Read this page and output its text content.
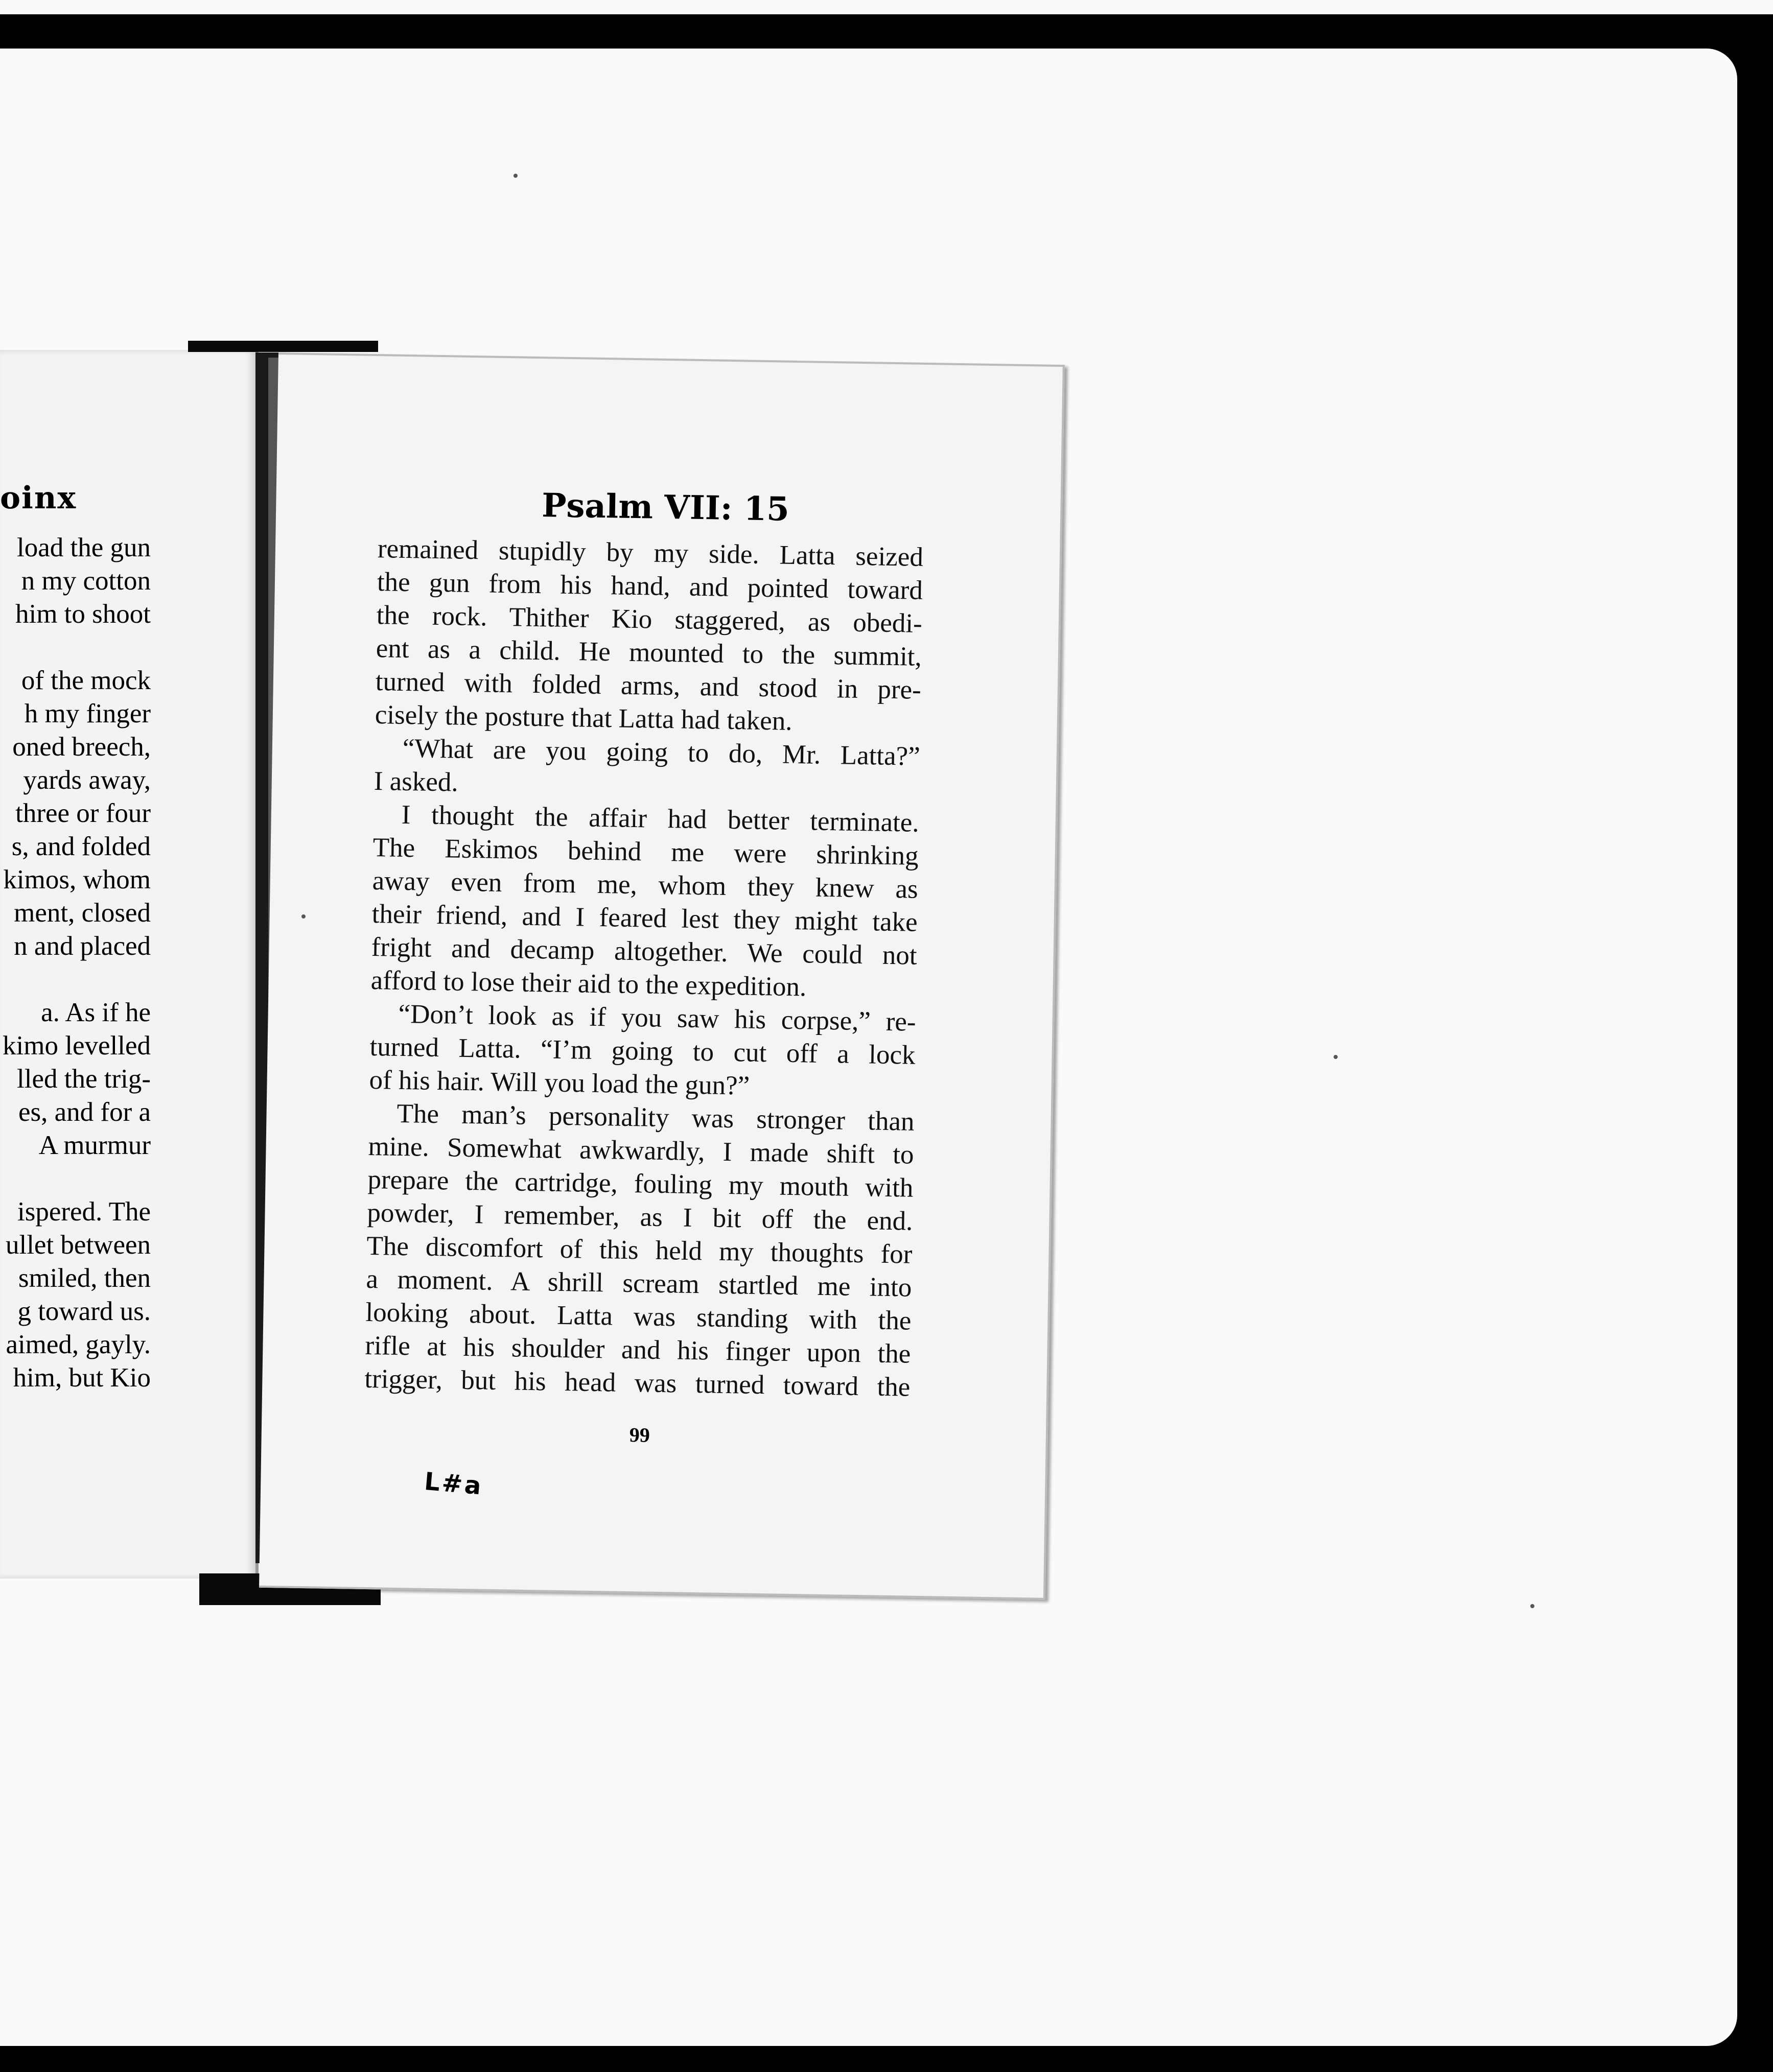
oinx
load the gun
n my cotton
him to shoot
of the mock
h my finger
oned breech,
yards away,
three or four
s, and folded
kimos, whom
ment, closed
n and placed
a. As if he
kimo levelled
lled the trig-
es, and for a
A murmur
ispered. The
ullet between
smiled, then
g toward us.
aimed, gayly.
him, but Kio
Psalm VII: 15
remained stupidly by my side. Latta seized
the gun from his hand, and pointed toward
the rock. Thither Kio staggered, as obedi-
ent as a child. He mounted to the summit,
turned with folded arms, and stood in pre-
cisely the posture that Latta had taken.
“What are you going to do, Mr. Latta?”
I asked.
I thought the affair had better terminate.
The Eskimos behind me were shrinking
away even from me, whom they knew as
their friend, and I feared lest they might take
fright and decamp altogether. We could not
afford to lose their aid to the expedition.
“Don’t look as if you saw his corpse,” re-
turned Latta. “I’m going to cut off a lock
of his hair. Will you load the gun?”
The man’s personality was stronger than
mine. Somewhat awkwardly, I made shift to
prepare the cartridge, fouling my mouth with
powder, I remember, as I bit off the end.
The discomfort of this held my thoughts for
a moment. A shrill scream startled me into
looking about. Latta was standing with the
rifle at his shoulder and his finger upon the
trigger, but his head was turned toward the
99
L#a
